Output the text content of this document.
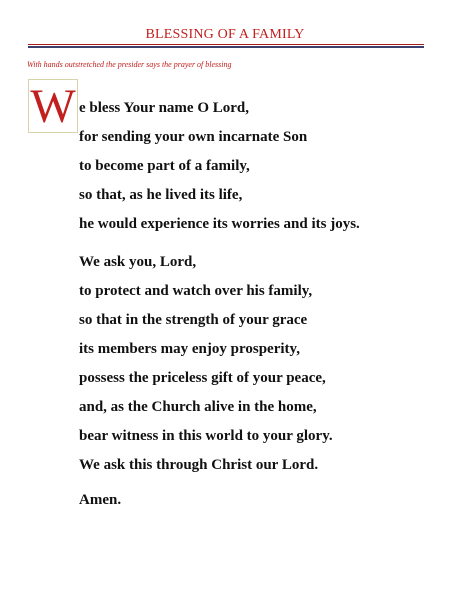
BLESSING OF A FAMILY
With hands outstretched the presider says the prayer of blessing
W e bless Your name O Lord,
for sending your own incarnate Son
to become part of a family,
so that, as he lived its life,
he would experience its worries and its joys.
We ask you, Lord,
to protect and watch over his family,
so that in the strength of your grace
its members may enjoy prosperity,
possess the priceless gift of your peace,
and, as the Church alive in the home,
bear witness in this world to your glory.
We ask this through Christ our Lord.
Amen.
